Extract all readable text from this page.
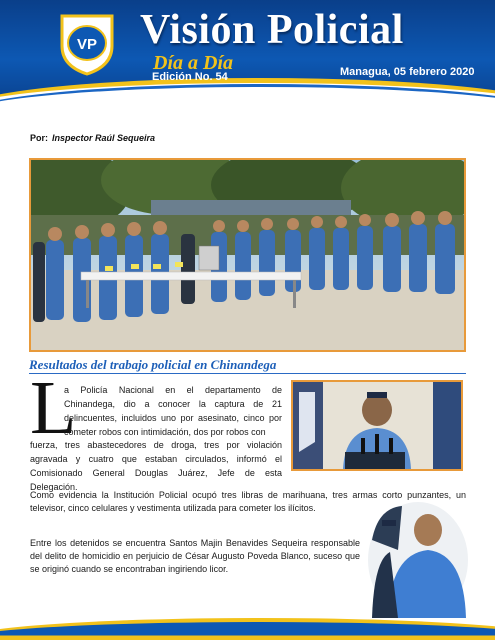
VP Visión Policial
Día a Día
Edición No. 54	Managua, 05 febrero 2020
Por: Inspector Raúl Sequeira
Resultados del trabajo policial en Chinandega
L
a Policía Nacional en el departamento de Chinandega, dio a conocer la captura de 21 delincuentes, incluidos uno por asesinato, cinco por cometer robos con intimidación, dos por robos con
fuerza, tres abastecedores de droga, tres por violación agravada y cuatro que estaban circulados, informó el Comisionado General Douglas Juárez, Jefe de esta Delegación.
Como evidencia la Institución Policial ocupó tres libras de marihuana, tres armas corto punzantes, un televisor, cinco celulares y vestimenta utilizada para cometer los ilícitos.
Entre los detenidos se encuentra Santos Majin Benavides Sequeira responsable del delito de homicidio en perjuicio de César Augusto Poveda Blanco, suceso que se originó cuando se encontraban ingiriendo licor.
